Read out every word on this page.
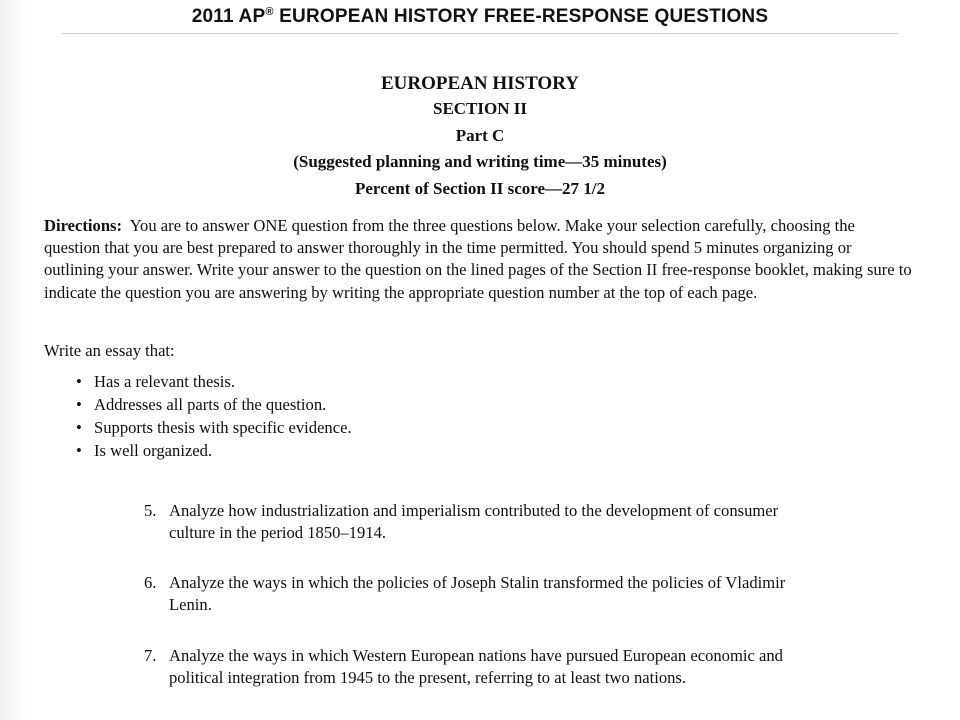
2011 AP® EUROPEAN HISTORY FREE-RESPONSE QUESTIONS
EUROPEAN HISTORY
SECTION II
Part C
(Suggested planning and writing time—35 minutes)
Percent of Section II score—27 1/2
Directions: You are to answer ONE question from the three questions below. Make your selection carefully, choosing the question that you are best prepared to answer thoroughly in the time permitted. You should spend 5 minutes organizing or outlining your answer. Write your answer to the question on the lined pages of the Section II free-response booklet, making sure to indicate the question you are answering by writing the appropriate question number at the top of each page.
Write an essay that:
• Has a relevant thesis.
• Addresses all parts of the question.
• Supports thesis with specific evidence.
• Is well organized.
5. Analyze how industrialization and imperialism contributed to the development of consumer culture in the period 1850–1914.
6. Analyze the ways in which the policies of Joseph Stalin transformed the policies of Vladimir Lenin.
7. Analyze the ways in which Western European nations have pursued European economic and political integration from 1945 to the present, referring to at least two nations.
